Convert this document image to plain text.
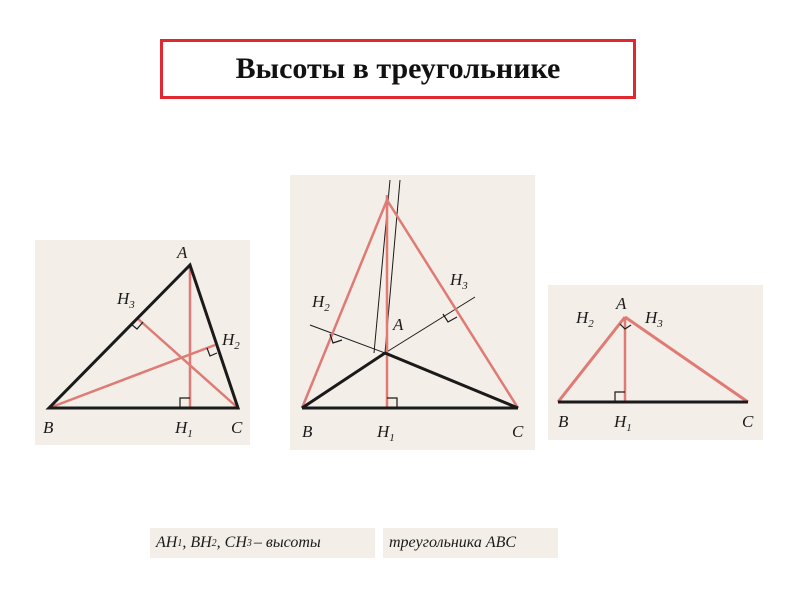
Высоты в треугольнике
A
B	C
$H_1$
$H_2$
$H_3$
A
B	C
$H_1$
$H_2$
$H_3$
A
B	C
$H_1$
$H_2$	$H_3$
AH 1 , BH 2 , CH 3 – высоты	треугольника ABC
